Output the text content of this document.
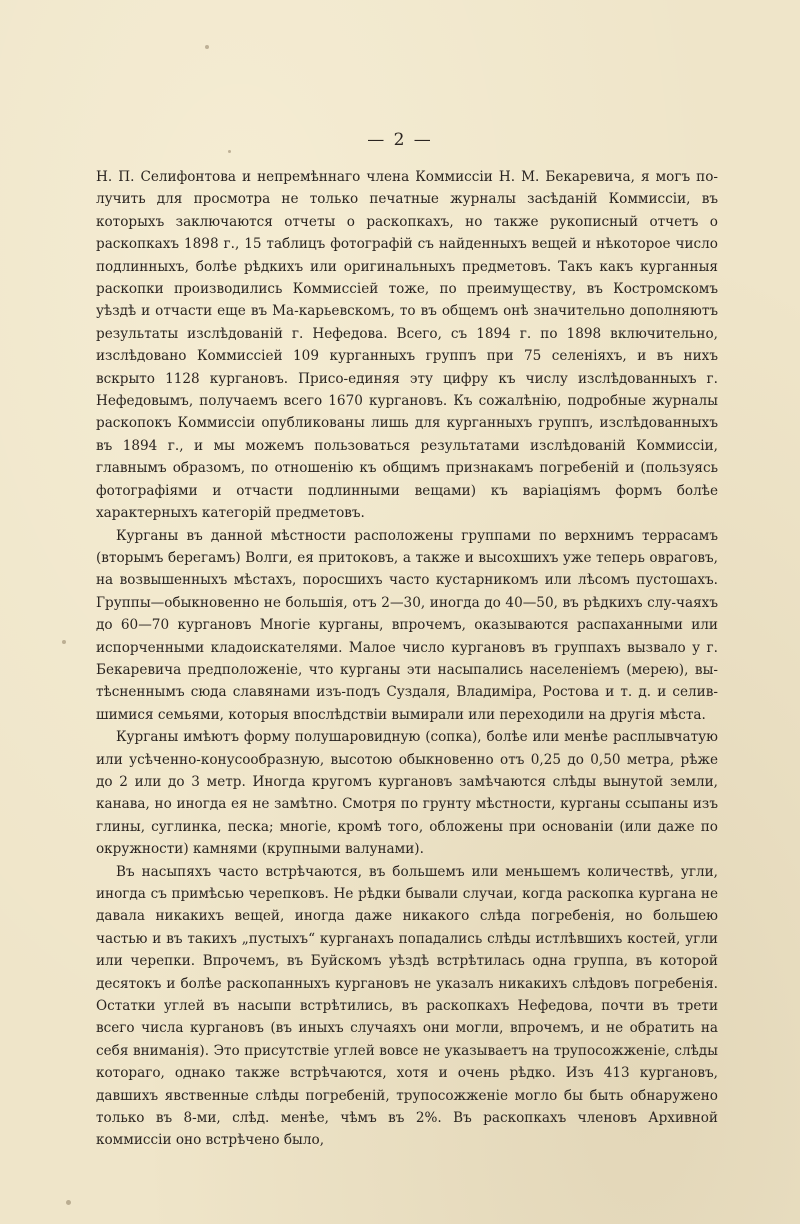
— 2 —

Н. П. Селифонтова и непремѣннаго члена Коммиссіи Н. М. Бекаревича, я могъ по-лучить для просмотра не только печатные журналы засѣданій Коммиссіи, въ которыхъ заключаются отчеты о раскопкахъ, но также рукописный отчетъ о раскопкахъ 1898 г., 15 таблицъ фотографій съ найденныхъ вещей и нѣкоторое число подлинныхъ, болѣе рѣдкихъ или оригинальныхъ предметовъ. Такъ какъ курганныя раскопки производились Коммиссіей тоже, по преимуществу, въ Костромскомъ уѣздѣ и отчасти еще въ Ма-карьевскомъ, то въ общемъ онѣ значительно дополняютъ результаты изслѣдованій г. Нефедова. Всего, съ 1894 г. по 1898 включительно, изслѣдовано Коммиссіей 109 курганныхъ группъ при 75 селеніяхъ, и въ нихъ вскрыто 1128 кургановъ. Присо-единяя эту цифру къ числу изслѣдованныхъ г. Нефедовымъ, получаемъ всего 1670 кургановъ. Къ сожалѣнію, подробные журналы раскопокъ Коммиссіи опубликованы лишь для курганныхъ группъ, изслѣдованныхъ въ 1894 г., и мы можемъ пользоваться результатами изслѣдованій Коммиссіи, главнымъ образомъ, по отношенію къ общимъ признакамъ погребеній и (пользуясь фотографіями и отчасти подлинными вещами) къ варіаціямъ формъ болѣе характерныхъ категорій предметовъ.

Курганы въ данной мѣстности расположены группами по верхнимъ террасамъ (вторымъ берегамъ) Волги, ея притоковъ, а также и высохшихъ уже теперь овраговъ, на возвышенныхъ мѣстахъ, поросшихъ часто кустарникомъ или лѣсомъ пустошахъ. Группы—обыкновенно не большія, отъ 2—30, иногда до 40—50, въ рѣдкихъ слу-чаяхъ до 60—70 кургановъ Многіе курганы, впрочемъ, оказываются распаханными или испорченными кладоискателями. Малое число кургановъ въ группахъ вызвало у г. Бекаревича предположеніе, что курганы эти насыпались населеніемъ (мерею), вы-тѣсненнымъ сюда славянами изъ-подъ Суздаля, Владиміра, Ростова и т. д. и селив-шимися семьями, которыя впослѣдствіи вымирали или переходили на другія мѣста.

Курганы имѣютъ форму полушаровидную (сопка), болѣе или менѣе расплывчатую или усѣченно-конусообразную, высотою обыкновенно отъ 0,25 до 0,50 метра, рѣже до 2 или до 3 метр. Иногда кругомъ кургановъ замѣчаются слѣды вынутой земли, канава, но иногда ея не замѣтно. Смотря по грунту мѣстности, курганы ссыпаны изъ глины, суглинка, песка; многіе, кромѣ того, обложены при основаніи (или даже по окружности) камнями (крупными валунами).

Въ насыпяхъ часто встрѣчаются, въ большемъ или меньшемъ количествѣ, угли, иногда съ примѣсью черепковъ. Не рѣдки бывали случаи, когда раскопка кургана не давала никакихъ вещей, иногда даже никакого слѣда погребенія, но большею частью и въ такихъ „пустыхъ“ курганахъ попадались слѣды истлѣвшихъ костей, угли или черепки. Впрочемъ, въ Буйскомъ уѣздѣ встрѣтилась одна группа, въ которой десятокъ и болѣе раскопанныхъ кургановъ не указалъ никакихъ слѣдовъ погребенія. Остатки углей въ насыпи встрѣтились, въ раскопкахъ Нефедова, почти въ трети всего числа кургановъ (въ иныхъ случаяхъ они могли, впрочемъ, и не обратить на себя вниманія). Это присутствіе углей вовсе не указываетъ на трупосожженіе, слѣды котораго, однако также встрѣчаются, хотя и очень рѣдко. Изъ 413 кургановъ, давшихъ явственные слѣды погребеній, трупосожженіе могло бы быть обнаружено только въ 8-ми, слѣд. менѣе, чѣмъ въ 2%. Въ раскопкахъ членовъ Архивной коммиссіи оно встрѣчено было,
